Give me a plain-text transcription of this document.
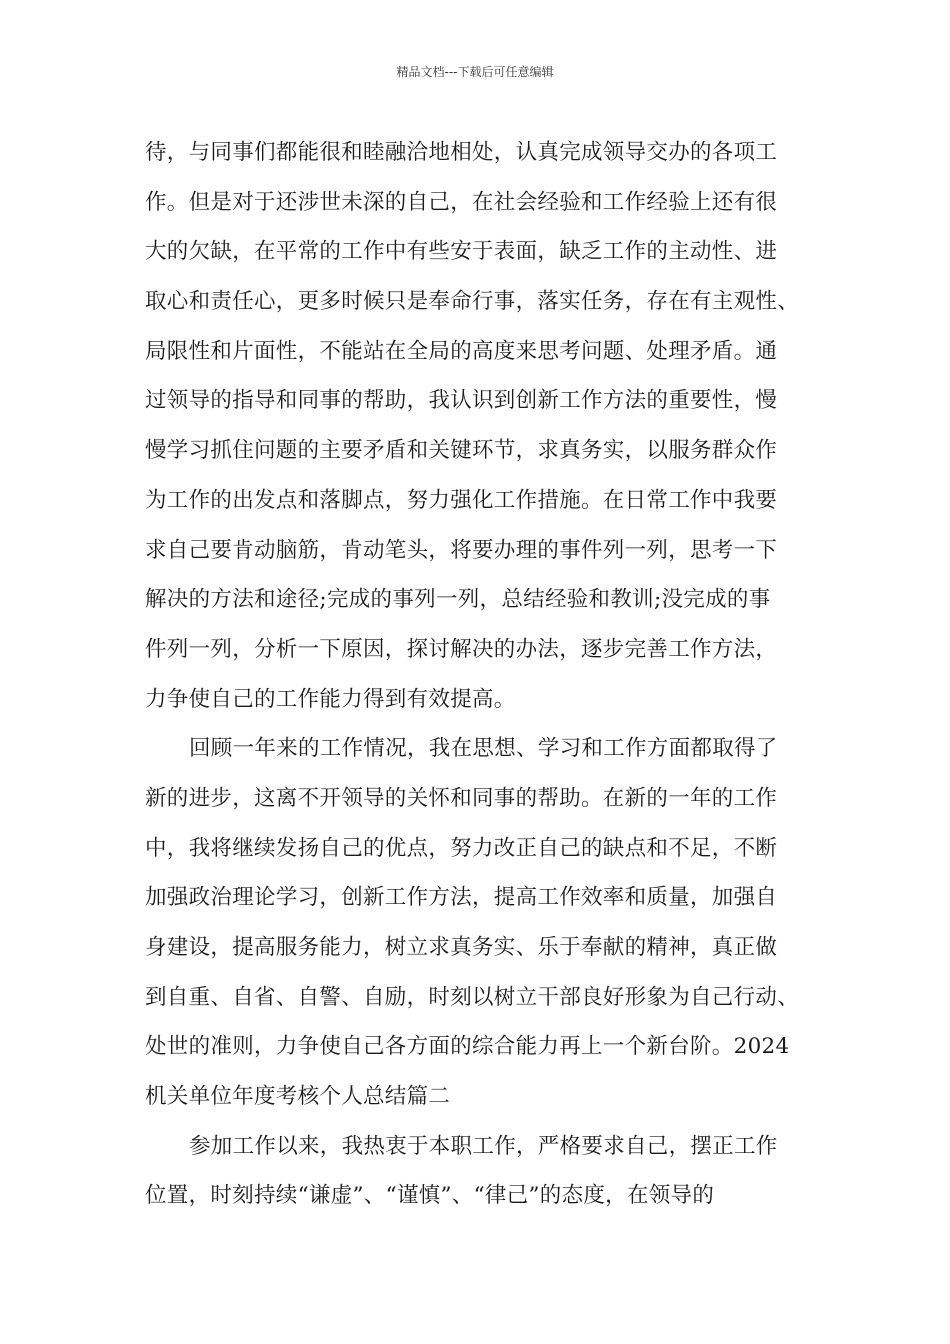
精品文档---下载后可任意编辑
待，与同事们都能很和睦融洽地相处，认真完成领导交办的各项工
作。但是对于还涉世未深的自己，在社会经验和工作经验上还有很
大的欠缺，在平常的工作中有些安于表面，缺乏工作的主动性、进
取心和责任心，更多时候只是奉命行事，落实任务，存在有主观性、
局限性和片面性，不能站在全局的高度来思考问题、处理矛盾。通
过领导的指导和同事的帮助，我认识到创新工作方法的重要性，慢
慢学习抓住问题的主要矛盾和关键环节，求真务实，以服务群众作
为工作的出发点和落脚点，努力强化工作措施。在日常工作中我要
求自己要肯动脑筋，肯动笔头，将要办理的事件列一列，思考一下
解决的方法和途径;完成的事列一列，总结经验和教训;没完成的事
件列一列，分析一下原因，探讨解决的办法，逐步完善工作方法，
力争使自己的工作能力得到有效提高。
回顾一年来的工作情况，我在思想、学习和工作方面都取得了
新的进步，这离不开领导的关怀和同事的帮助。在新的一年的工作
中，我将继续发扬自己的优点，努力改正自己的缺点和不足，不断
加强政治理论学习，创新工作方法，提高工作效率和质量，加强自
身建设，提高服务能力，树立求真务实、乐于奉献的精神，真正做
到自重、自省、自警、自励，时刻以树立干部良好形象为自己行动、
处世的准则，力争使自己各方面的综合能力再上一个新台阶。2024
机关单位年度考核个人总结篇二
参加工作以来，我热衷于本职工作，严格要求自己，摆正工作
位置，时刻持续“谦虚”、“谨慎”、“律己”的态度，在领导的
